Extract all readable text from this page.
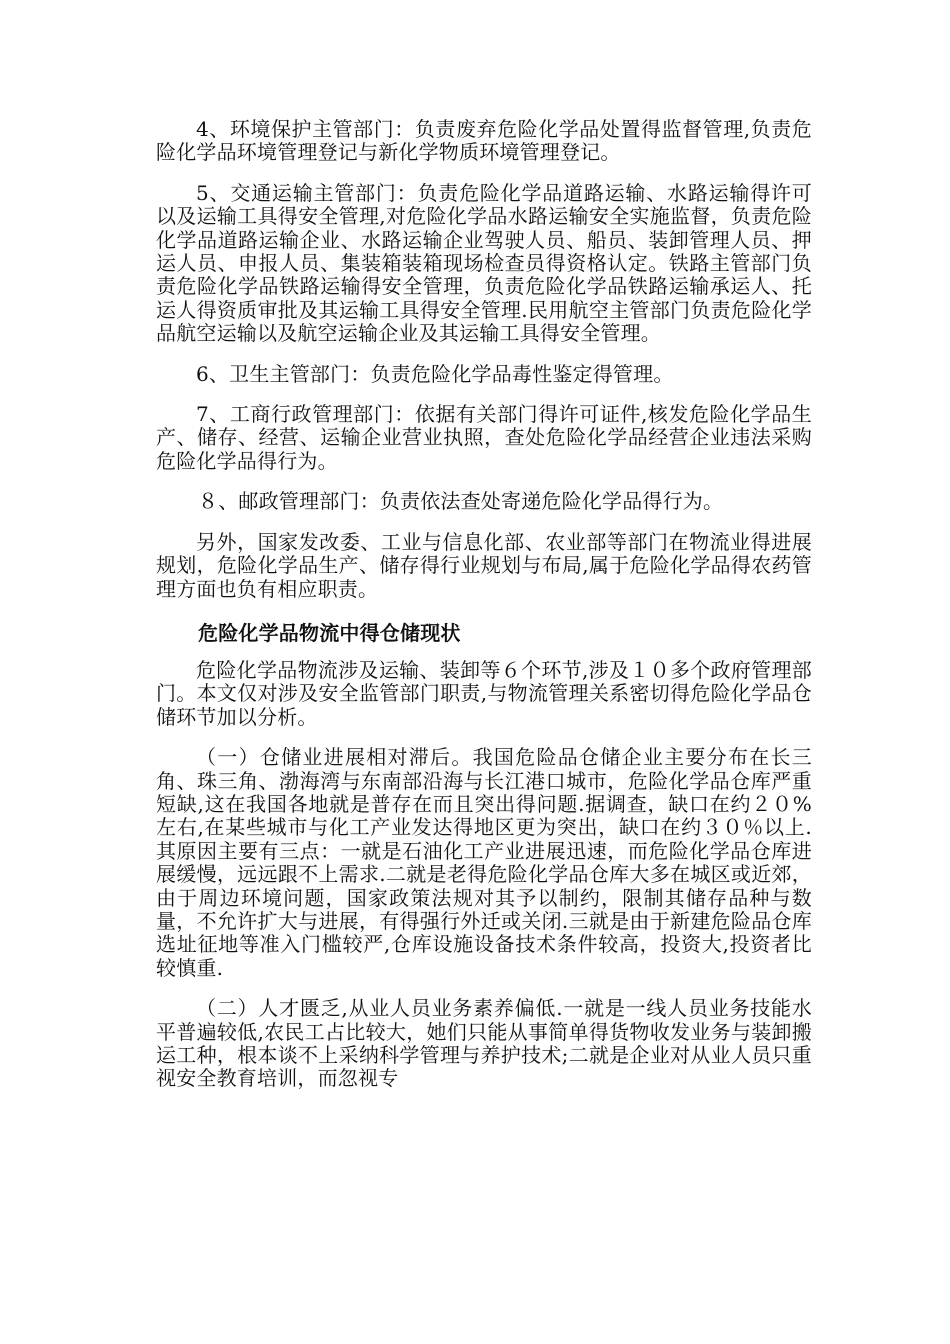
4、环境保护主管部门：负责废弃危险化学品处置得监督管理,负责危险化学品环境管理登记与新化学物质环境管理登记。

5、交通运输主管部门：负责危险化学品道路运输、水路运输得许可以及运输工具得安全管理,对危险化学品水路运输安全实施监督，负责危险化学品道路运输企业、水路运输企业驾驶人员、船员、装卸管理人员、押运人员、申报人员、集装箱装箱现场检查员得资格认定。铁路主管部门负责危险化学品铁路运输得安全管理，负责危险化学品铁路运输承运人、托运人得资质审批及其运输工具得安全管理.民用航空主管部门负责危险化学品航空运输以及航空运输企业及其运输工具得安全管理。

6、卫生主管部门：负责危险化学品毒性鉴定得管理。

7、工商行政管理部门：依据有关部门得许可证件,核发危险化学品生产、储存、经营、运输企业营业执照，查处危险化学品经营企业违法采购危险化学品得行为。

８、邮政管理部门：负责依法查处寄递危险化学品得行为。

另外，国家发改委、工业与信息化部、农业部等部门在物流业得进展规划，危险化学品生产、储存得行业规划与布局,属于危险化学品得农药管理方面也负有相应职责。

危险化学品物流中得仓储现状

危险化学品物流涉及运输、装卸等６个环节,涉及１０多个政府管理部门。本文仅对涉及安全监管部门职责,与物流管理关系密切得危险化学品仓储环节加以分析。

（一）仓储业进展相对滞后。我国危险品仓储企业主要分布在长三角、珠三角、渤海湾与东南部沿海与长江港口城市，危险化学品仓库严重短缺,这在我国各地就是普存在而且突出得问题.据调查，缺口在约２０%左右,在某些城市与化工产业发达得地区更为突出，缺口在约３０％以上.其原因主要有三点：一就是石油化工产业进展迅速，而危险化学品仓库进展缓慢，远远跟不上需求.二就是老得危险化学品仓库大多在城区或近郊，由于周边环境问题，国家政策法规对其予以制约，限制其储存品种与数量，不允许扩大与进展，有得强行外迁或关闭.三就是由于新建危险品仓库选址征地等准入门槛较严,仓库设施设备技术条件较高，投资大,投资者比较慎重.

（二）人才匮乏,从业人员业务素养偏低.一就是一线人员业务技能水平普遍较低,农民工占比较大，她们只能从事简单得货物收发业务与装卸搬运工种，根本谈不上采纳科学管理与养护技术;二就是企业对从业人员只重视安全教育培训，而忽视专
